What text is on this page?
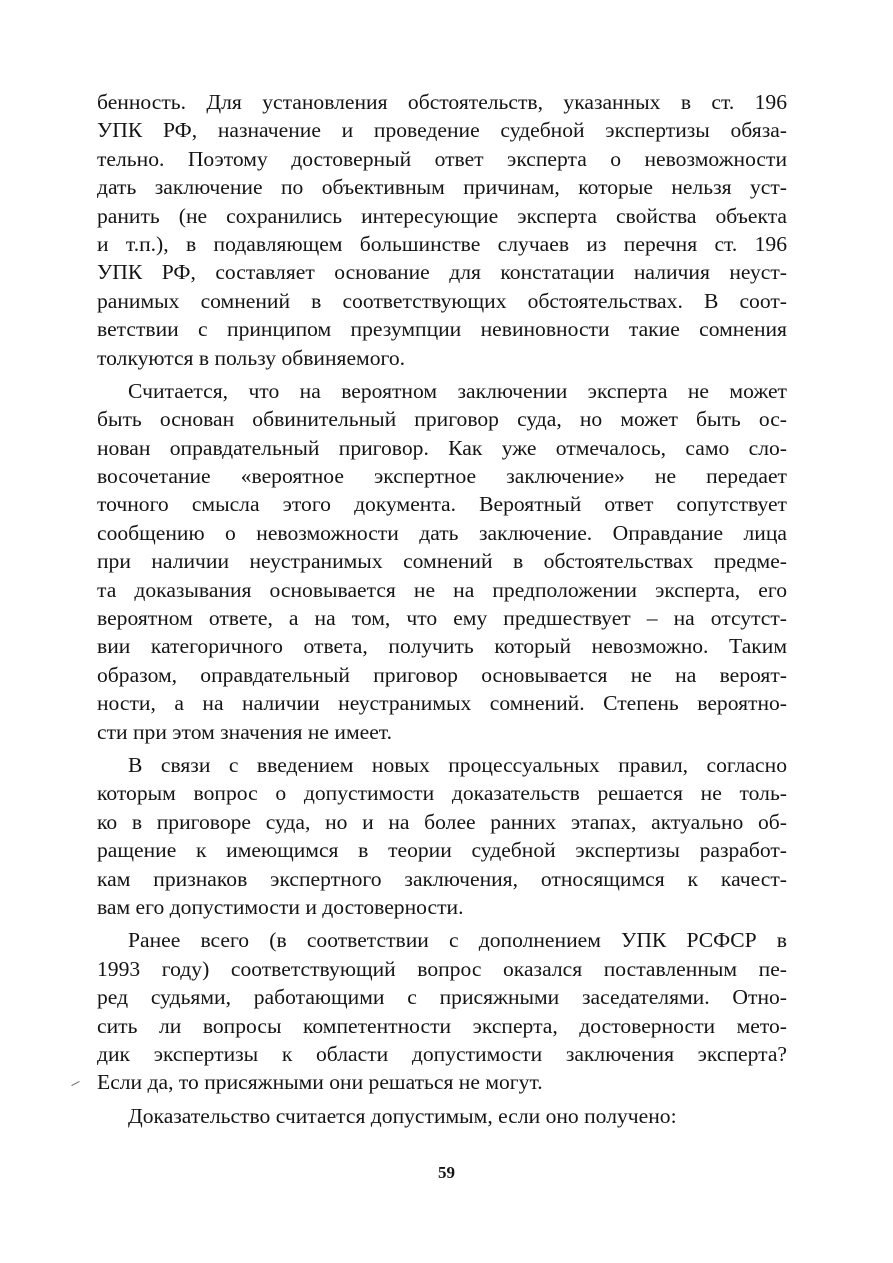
бенность. Для установления обстоятельств, указанных в ст. 196
УПК РФ, назначение и проведение судебной экспертизы обяза-
тельно. Поэтому достоверный ответ эксперта о невозможности
дать заключение по объективным причинам, которые нельзя уст-
ранить (не сохранились интересующие эксперта свойства объекта
и т.п.), в подавляющем большинстве случаев из перечня ст. 196
УПК РФ, составляет основание для констатации наличия неуст-
ранимых сомнений в соответствующих обстоятельствах. В соот-
ветствии с принципом презумпции невиновности такие сомнения
толкуются в пользу обвиняемого.
Считается, что на вероятном заключении эксперта не может
быть основан обвинительный приговор суда, но может быть ос-
нован оправдательный приговор. Как уже отмечалось, само сло-
восочетание «вероятное экспертное заключение» не передает
точного смысла этого документа. Вероятный ответ сопутствует
сообщению о невозможности дать заключение. Оправдание лица
при наличии неустранимых сомнений в обстоятельствах предме-
та доказывания основывается не на предположении эксперта, его
вероятном ответе, а на том, что ему предшествует – на отсутст-
вии категоричного ответа, получить который невозможно. Таким
образом, оправдательный приговор основывается не на вероят-
ности, а на наличии неустранимых сомнений. Степень вероятно-
сти при этом значения не имеет.
В связи с введением новых процессуальных правил, согласно
которым вопрос о допустимости доказательств решается не толь-
ко в приговоре суда, но и на более ранних этапах, актуально об-
ращение к имеющимся в теории судебной экспертизы разработ-
кам признаков экспертного заключения, относящимся к качест-
вам его допустимости и достоверности.
Ранее всего (в соответствии с дополнением УПК РСФСР в
1993 году) соответствующий вопрос оказался поставленным пе-
ред судьями, работающими с присяжными заседателями. Отно-
сить ли вопросы компетентности эксперта, достоверности мето-
дик экспертизы к области допустимости заключения эксперта?
Если да, то присяжными они решаться не могут.
Доказательство считается допустимым, если оно получено:
59
